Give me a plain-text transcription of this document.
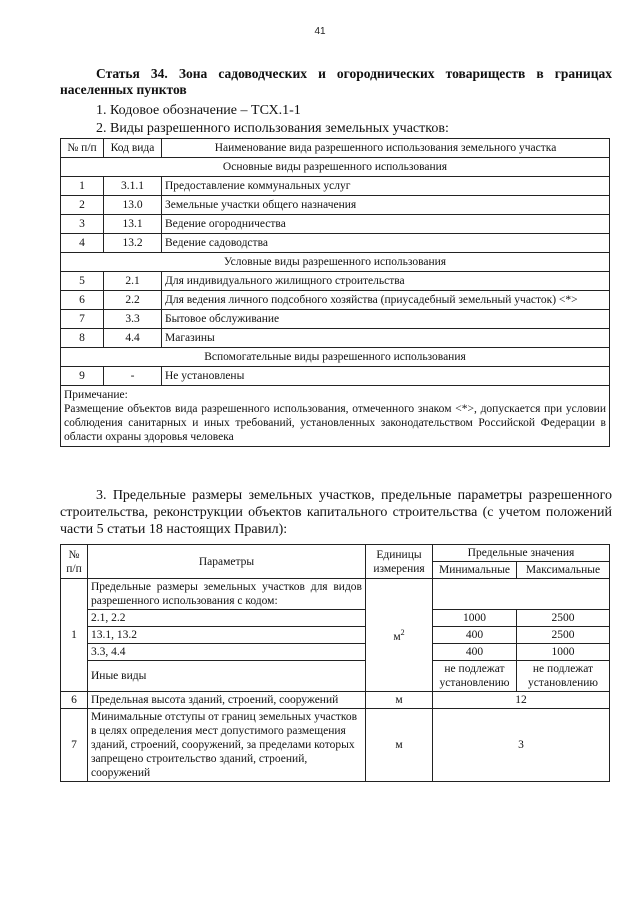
41
Статья 34. Зона садоводческих и огороднических товариществ в границах населенных пунктов
1. Кодовое обозначение – ТСХ.1-1
2. Виды разрешенного использования земельных участков:
№ п/п	Код вида	Наименование вида разрешенного использования земельного участка
Основные виды разрешенного использования		
1	3.1.1	Предоставление коммунальных услуг
2	13.0	Земельные участки общего назначения
3	13.1	Ведение огородничества
4	13.2	Ведение садоводства
Условные виды разрешенного использования		
5	2.1	Для индивидуального жилищного строительства
6	2.2	Для ведения личного подсобного хозяйства (приусадебный земельный участок) <*>
7	3.3	Бытовое обслуживание
8	4.4	Магазины
Вспомогательные виды разрешенного использования		
9	-	Не установлены

Примечание:
Размещение объектов вида разрешенного использования, отмеченного знаком <*>, допускается при условии соблюдения санитарных и иных требований, установленных законодательством Российской Федерации в области охраны здоровья человека		
3. Предельные размеры земельных участков, предельные параметры разрешенного строительства, реконструкции объектов капитального строительства (с учетом положений части 5 статьи 18 настоящих Правил):
№ п/п	Параметры	Единицы измерения	Предельные значения	
			Минимальные	Максимальные
1	Предельные размеры земельных участков для видов разрешенного использования с кодом:	$м^2$	
	2.1, 2.2		1000	2500
	13.1, 13.2		400	2500
	3.3, 4.4		400	1000
	Иные виды		не подлежат установлению	не подлежат установлению
6	Предельная высота зданий, строений, сооружений	м	12	
7	Минимальные отступы от границ земельных участков в целях определения мест допустимого размещения зданий, строений, сооружений, за пределами которых запрещено строительство зданий, строений, сооружений	м	3	
